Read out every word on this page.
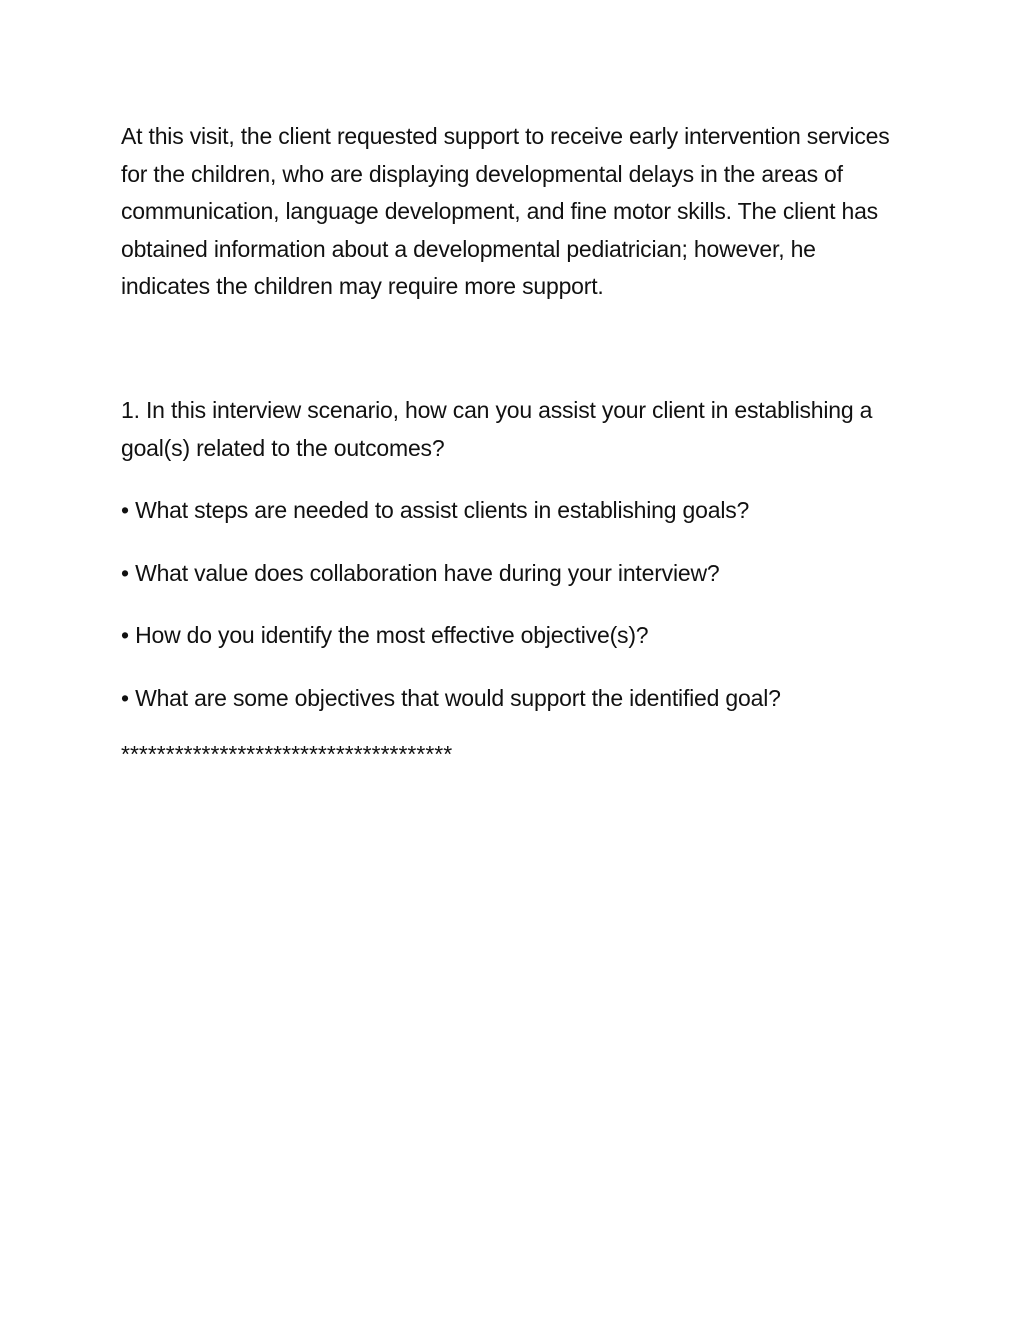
At this visit, the client requested support to receive early intervention services for the children, who are displaying developmental delays in the areas of communication, language development, and fine motor skills. The client has obtained information about a developmental pediatrician; however, he indicates the children may require more support.

1. In this interview scenario, how can you assist your client in establishing a goal(s) related to the outcomes?

• What steps are needed to assist clients in establishing goals?
• What value does collaboration have during your interview?
• How do you identify the most effective objective(s)?
• What are some objectives that would support the identified goal?
*************************************
